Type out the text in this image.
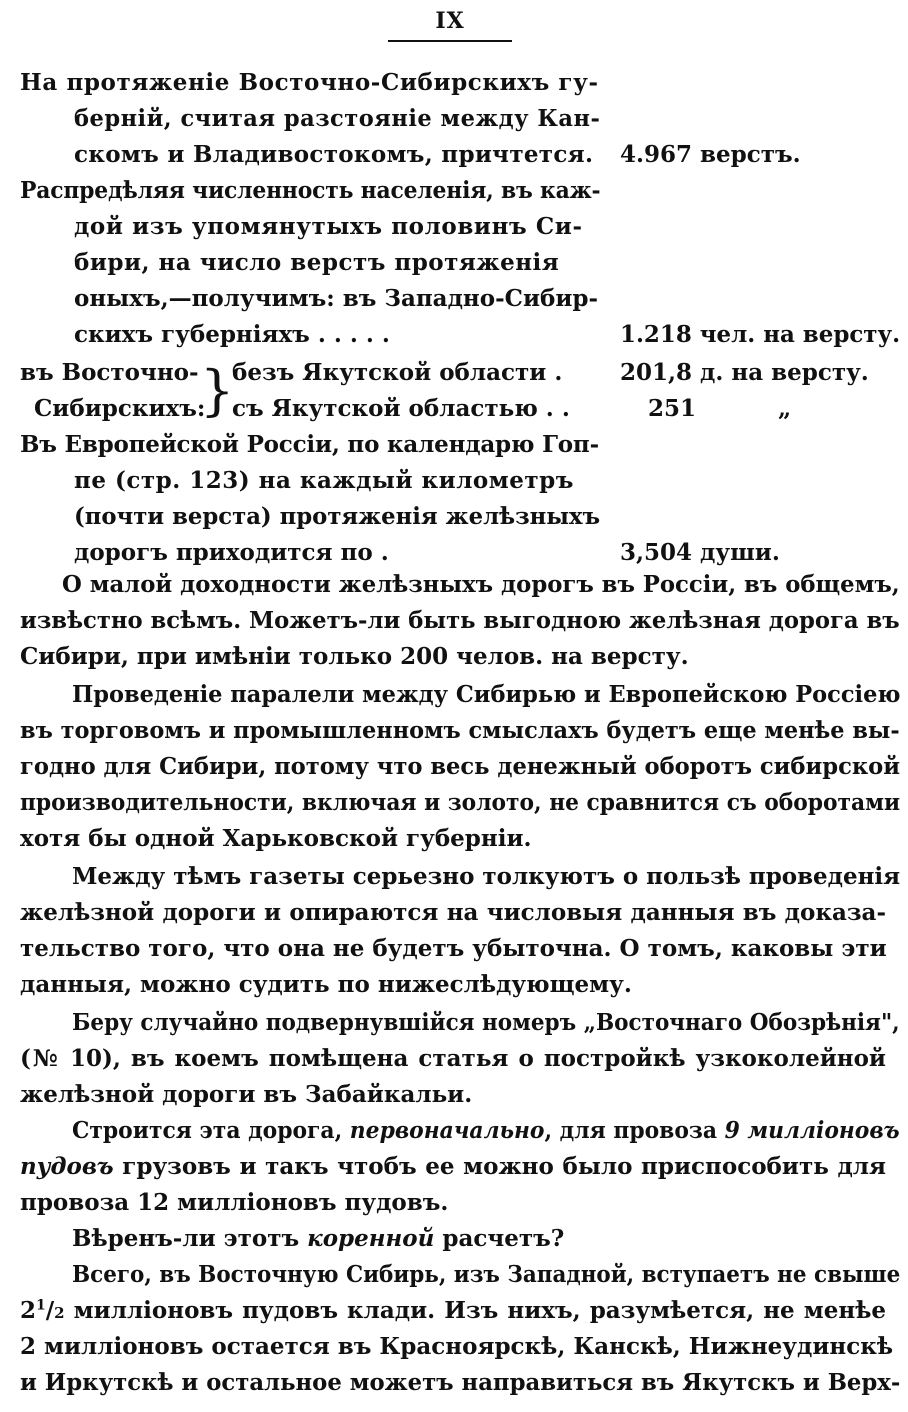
IX
На протяженіе Восточно-Сибирскихъ гу-
берній, считая разстояніе между Кан-
скомъ и Владивостокомъ, причтется. 4.967 верстъ.
Распредѣляя численность населенія, въ каж-
дой изъ упомянутыхъ половинъ Си-
бири, на число верстъ протяженія
оныхъ,—получимъ: въ Западно-Сибир-
скихъ губерніяхъ . . . . .	1.218 чел. на версту.
въ Восточно-
Сибирскихъ:
}
безъ Якутской области .	201,8 д. на версту.
съ Якутской областью . .	251	„
Въ Европейской Россіи, по календарю Гоп-
пе (стр. 123) на каждый километръ
(почти верста) протяженія желѣзныхъ
дорогъ приходится по .	3,504 души.
О малой доходности желѣзныхъ дорогъ въ Россіи, въ общемъ,
извѣстно всѣмъ. Можетъ-ли быть выгодною желѣзная дорога въ
Сибири, при имѣніи только 200 челов. на версту.
Проведеніе паралели между Сибирью и Европейскою Россіею
въ торговомъ и промышленномъ смыслахъ будетъ еще менѣе вы-
годно для Сибири, потому что весь денежный оборотъ сибирской
производительности, включая и золото, не сравнится съ оборотами
хотя бы одной Харьковской губерніи.
Между тѣмъ газеты серьезно толкуютъ о пользѣ проведенія
желѣзной дороги и опираются на числовыя данныя въ доказа-
тельство того, что она не будетъ убыточна. О томъ, каковы эти
данныя, можно судить по нижеслѣдующему.
Беру случайно подвернувшійся номеръ „Восточнаго Обозрѣнія",
(№ 10), въ коемъ помѣщена статья о постройкѣ узкоколейной
желѣзной дороги въ Забайкальи.
Строится эта дорога, первоначально, для провоза 9 милліоновъ
пудовъ грузовъ и такъ чтобъ ее можно было приспособить для
провоза 12 милліоновъ пудовъ.
Вѣренъ-ли этотъ коренной расчетъ?
Всего, въ Восточную Сибирь, изъ Западной, вступаетъ не свыше
$2^1/2$ милліоновъ пудовъ клади. Изъ нихъ, разумѣется, не менѣе
2 милліоновъ остается въ Красноярскѣ, Канскѣ, Нижнеудинскѣ
и Иркутскѣ и остальное можетъ направиться въ Якутскъ и Верх-
